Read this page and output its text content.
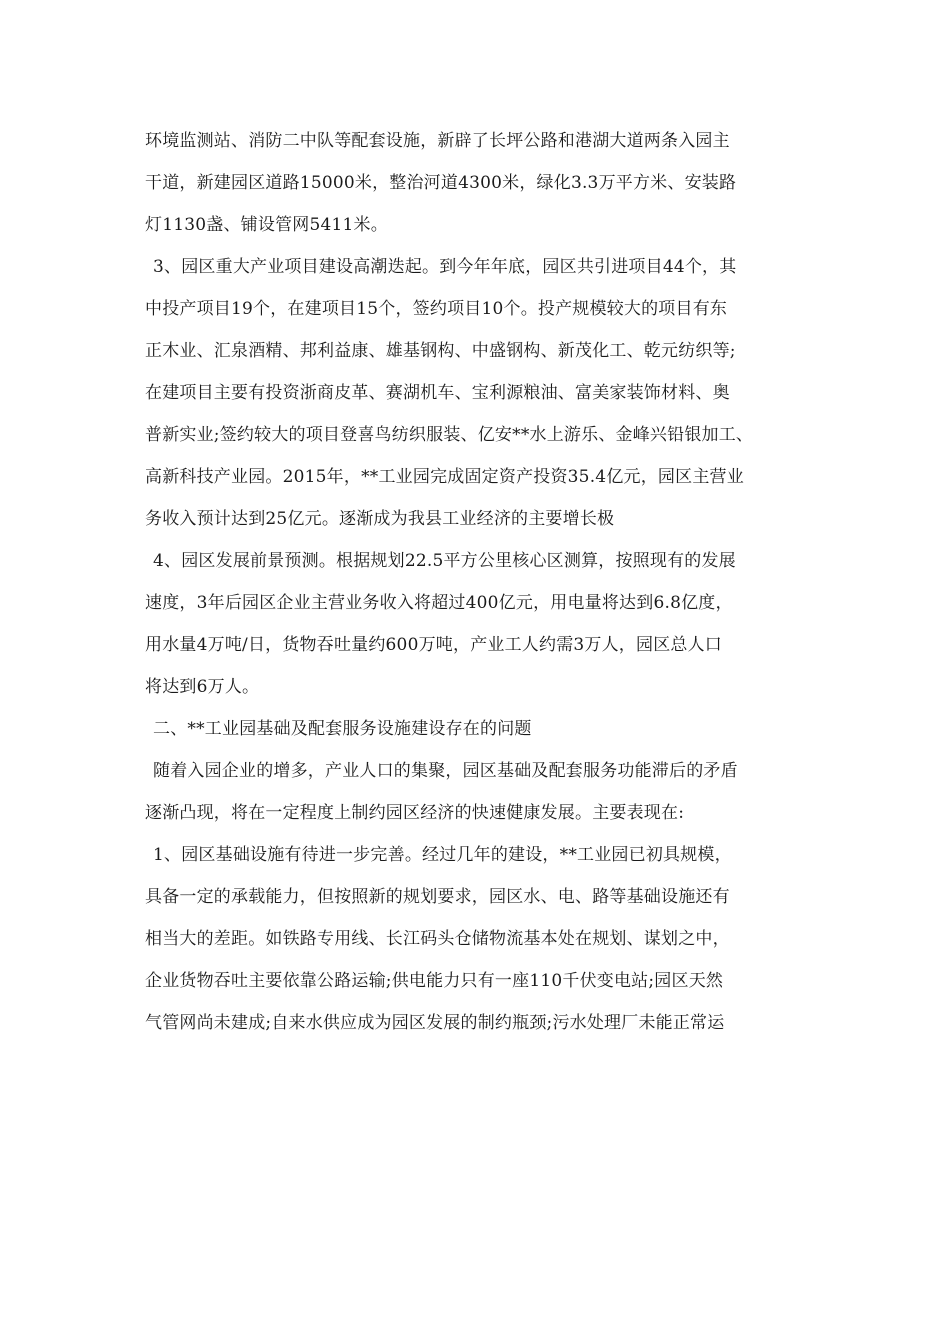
环境监测站、消防二中队等配套设施，新辟了长坪公路和港湖大道两条入园主
干道，新建园区道路15000米，整治河道4300米，绿化3.3万平方米、安装路
灯1130盏、铺设管网5411米。
3、园区重大产业项目建设高潮迭起。到今年年底，园区共引进项目44个，其
中投产项目19个，在建项目15个，签约项目10个。投产规模较大的项目有东
正木业、汇泉酒精、邦利益康、雄基钢构、中盛钢构、新茂化工、乾元纺织等;
在建项目主要有投资浙商皮革、赛湖机车、宝利源粮油、富美家装饰材料、奥
普新实业;签约较大的项目登喜鸟纺织服装、亿安**水上游乐、金峰兴铅银加工、
高新科技产业园。2015年，**工业园完成固定资产投资35.4亿元，园区主营业
务收入预计达到25亿元。逐渐成为我县工业经济的主要增长极
4、园区发展前景预测。根据规划22.5平方公里核心区测算，按照现有的发展
速度，3年后园区企业主营业务收入将超过400亿元，用电量将达到6.8亿度，
用水量4万吨/日，货物吞吐量约600万吨，产业工人约需3万人，园区总人口
将达到6万人。
二、**工业园基础及配套服务设施建设存在的问题
随着入园企业的增多，产业人口的集聚，园区基础及配套服务功能滞后的矛盾
逐渐凸现，将在一定程度上制约园区经济的快速健康发展。主要表现在:
1、园区基础设施有待进一步完善。经过几年的建设，**工业园已初具规模，
具备一定的承载能力，但按照新的规划要求，园区水、电、路等基础设施还有
相当大的差距。如铁路专用线、长江码头仓储物流基本处在规划、谋划之中，
企业货物吞吐主要依靠公路运输;供电能力只有一座110千伏变电站;园区天然
气管网尚未建成;自来水供应成为园区发展的制约瓶颈;污水处理厂未能正常运
